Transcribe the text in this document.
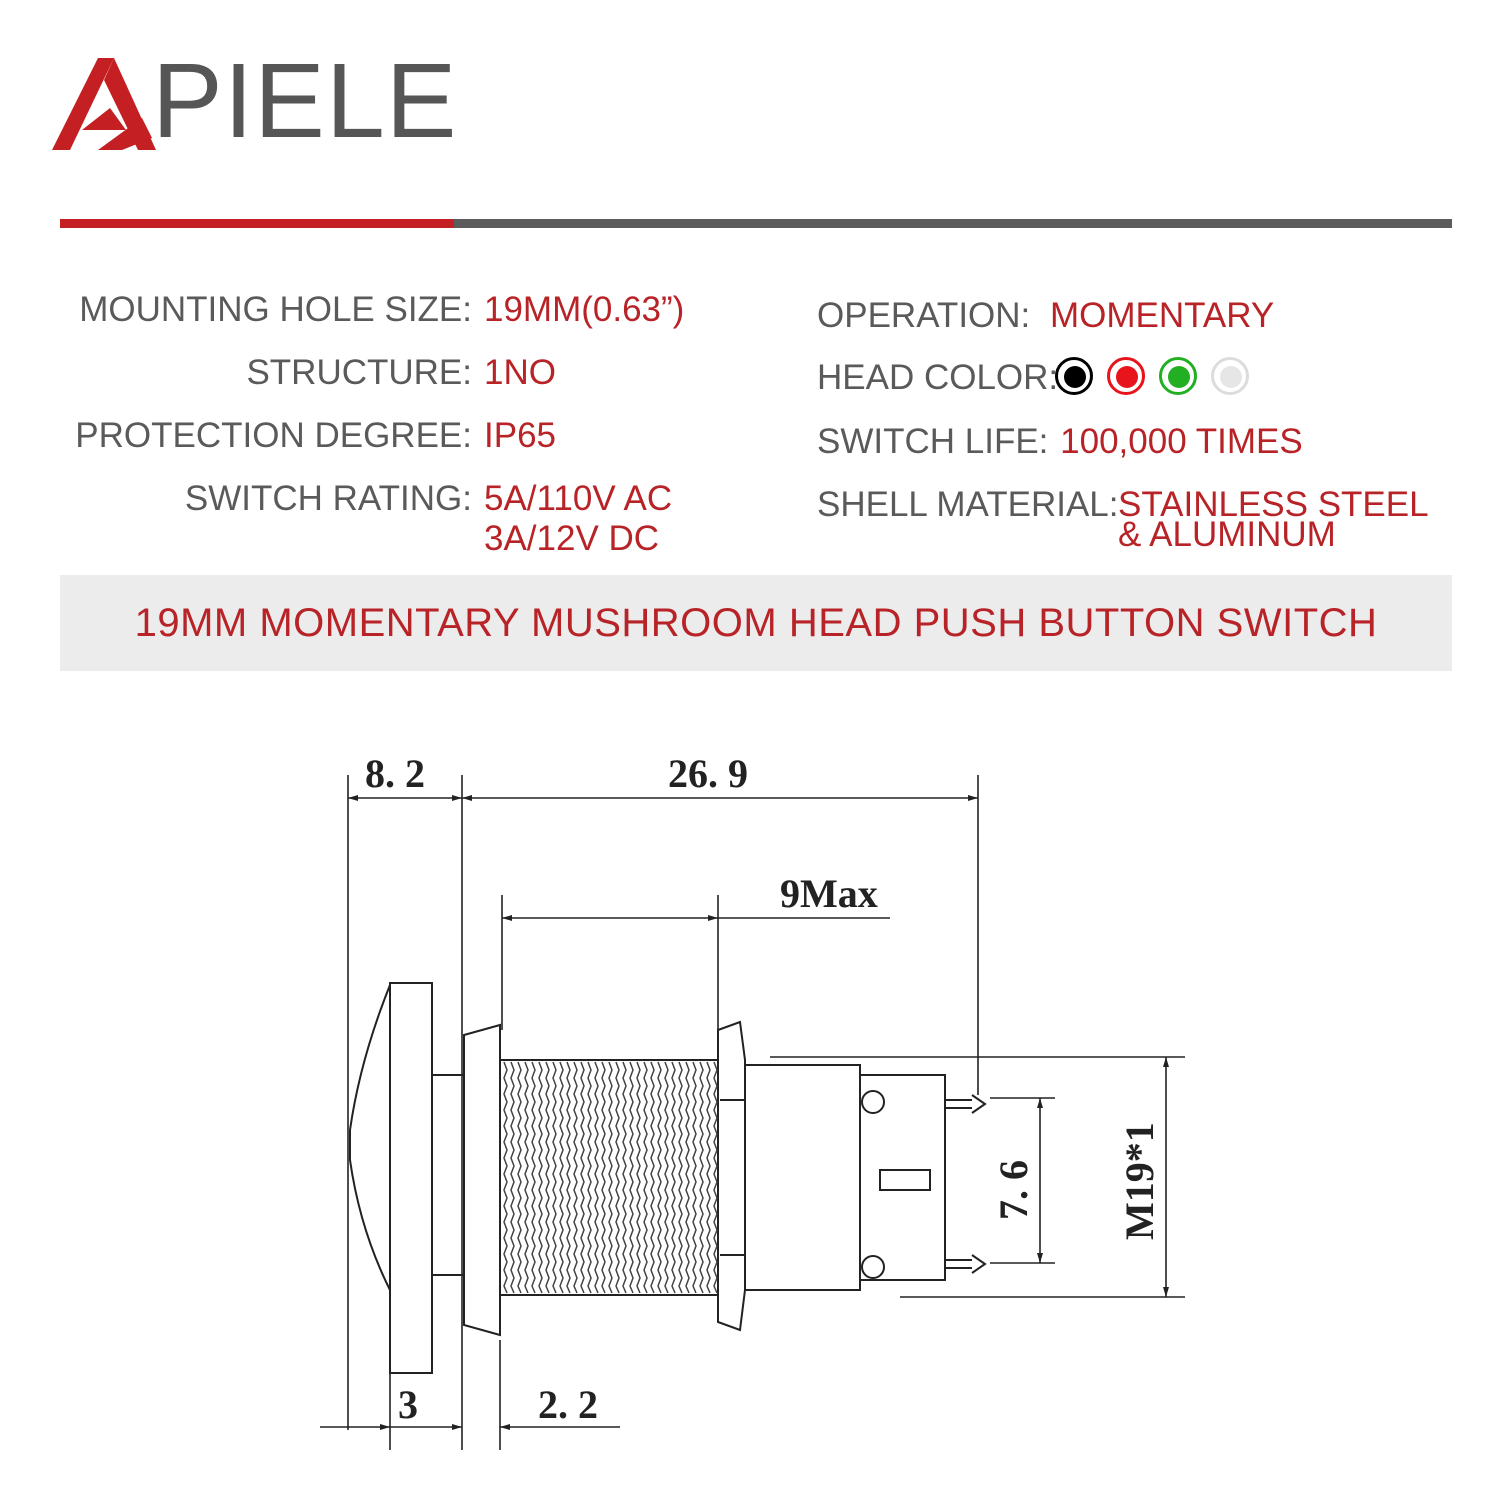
PIELE
MOUNTING HOLE SIZE: 19MM(0.63”)
STRUCTURE: 1NO
PROTECTION DEGREE: IP65
SWITCH RATING: 5A/110V AC
3A/12V DC
OPERATION: MOMENTARY
HEAD COLOR:
SWITCH LIFE: 100,000 TIMES
SHELL MATERIAL: STAINLESS STEEL
& ALUMINUM
19MM MOMENTARY MUSHROOM HEAD PUSH BUTTON SWITCH
8. 2	26. 9
9Max
7. 6 M19*1
3	2. 2
